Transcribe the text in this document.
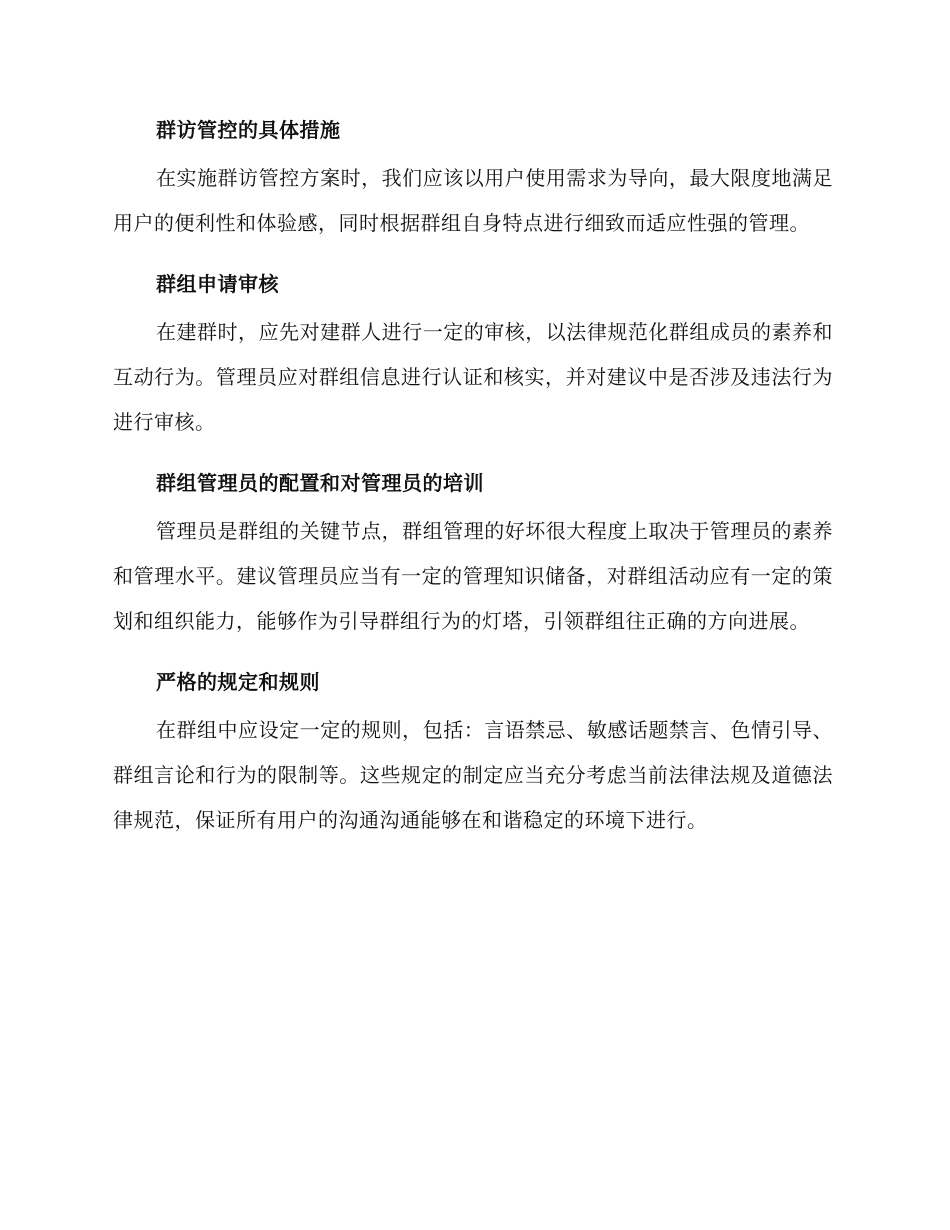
群访管控的具体措施

在实施群访管控方案时，我们应该以用户使用需求为导向，最大限度地满足用户的便利性和体验感，同时根据群组自身特点进行细致而适应性强的管理。

群组申请审核

在建群时，应先对建群人进行一定的审核，以法律规范化群组成员的素养和互动行为。管理员应对群组信息进行认证和核实，并对建议中是否涉及违法行为进行审核。

群组管理员的配置和对管理员的培训

管理员是群组的关键节点，群组管理的好坏很大程度上取决于管理员的素养和管理水平。建议管理员应当有一定的管理知识储备，对群组活动应有一定的策划和组织能力，能够作为引导群组行为的灯塔，引领群组往正确的方向进展。

严格的规定和规则

在群组中应设定一定的规则，包括：言语禁忌、敏感话题禁言、色情引导、群组言论和行为的限制等。这些规定的制定应当充分考虑当前法律法规及道德法律规范，保证所有用户的沟通沟通能够在和谐稳定的环境下进行。
